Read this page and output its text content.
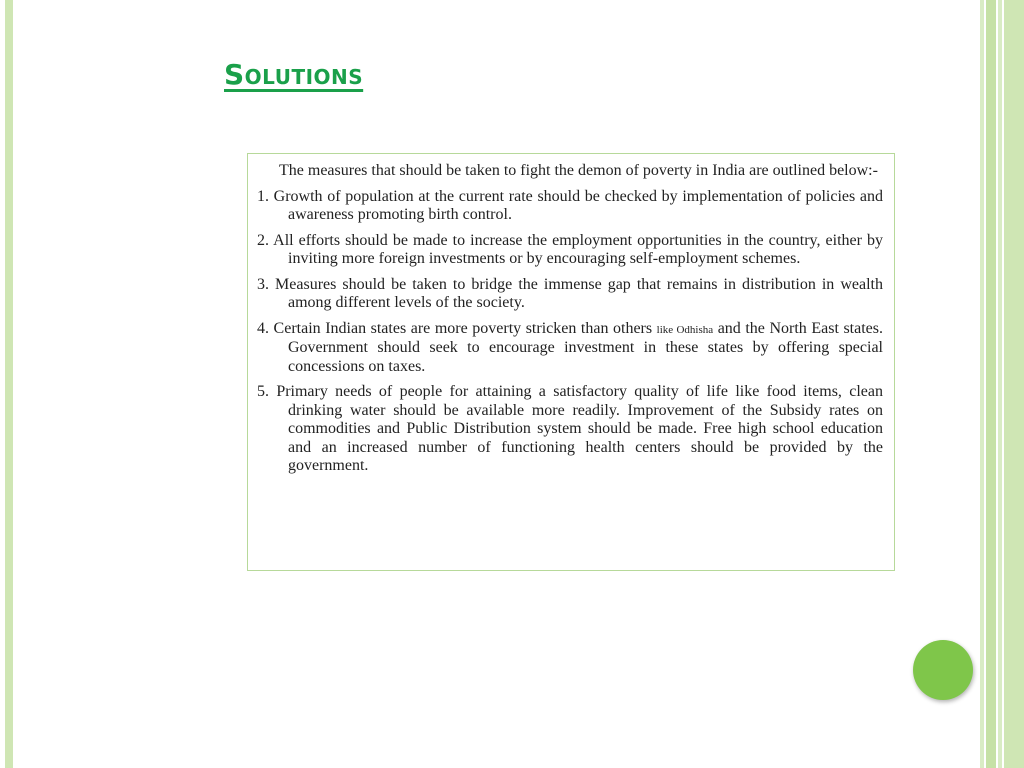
Solutions

The measures that should be taken to fight the demon of poverty in India are outlined below:-

1. Growth of population at the current rate should be checked by implementation of policies and awareness promoting birth control.

2. All efforts should be made to increase the employment opportunities in the country, either by inviting more foreign investments or by encouraging self-employment schemes.

3. Measures should be taken to bridge the immense gap that remains in distribution in wealth among different levels of the society.

4. Certain Indian states are more poverty stricken than others like Odhisha and the North East states. Government should seek to encourage investment in these states by offering special concessions on taxes.

5. Primary needs of people for attaining a satisfactory quality of life like food items, clean drinking water should be available more readily. Improvement of the Subsidy rates on commodities and Public Distribution system should be made. Free high school education and an increased number of functioning health centers should be provided by the government.
